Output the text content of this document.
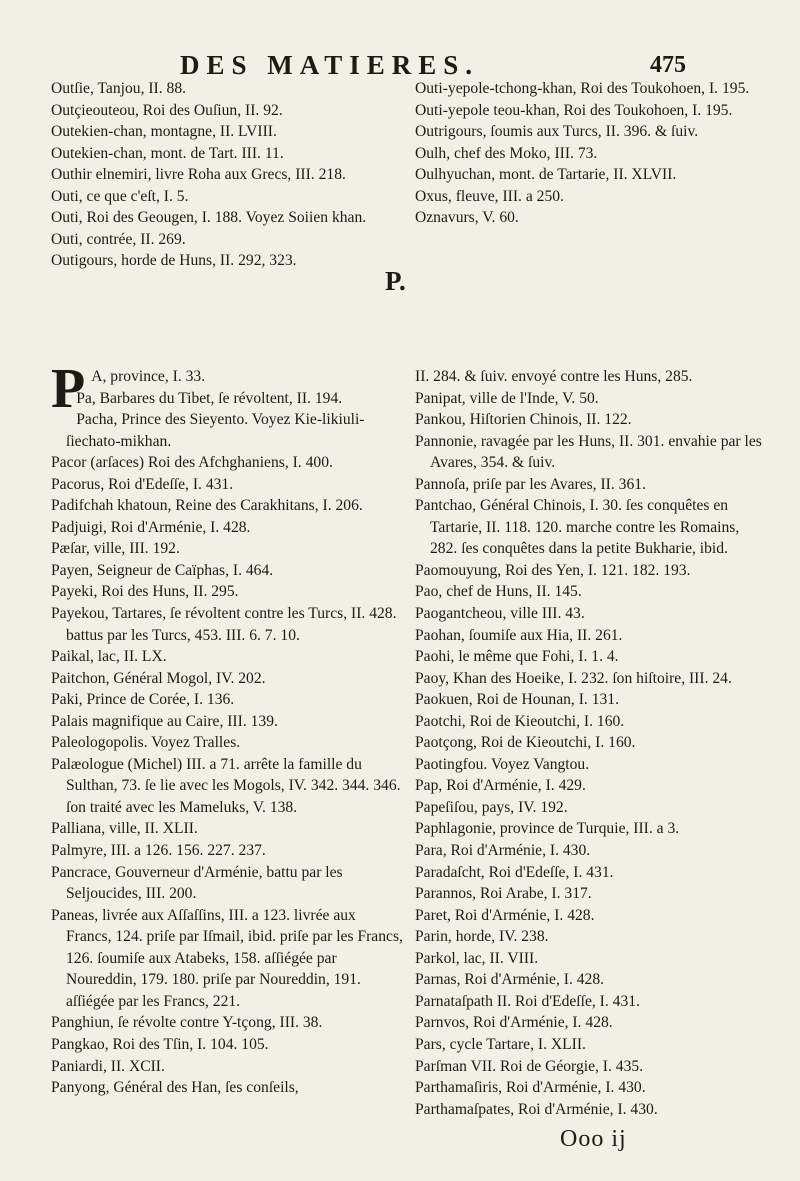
DES MATIERES.	475

Outſie, Tanjou, II. 88.

Outçieouteou, Roi des Ouſiun, II. 92.

Outekien-chan, montagne, II. LVIII.

Outekien-chan, mont. de Tart. III. 11.

Outhir elnemiri, livre Roha aux Grecs, III. 218.

Outi, ce que c'eſt, I. 5.

Outi, Roi des Geougen, I. 188. Voyez Soiien khan.

Outi, contrée, II. 269.

Outigours, horde de Huns, II. 292, 323.

Outi-yepole-tchong-khan, Roi des Toukohoen, I. 195.

Outi-yepole teou-khan, Roi des Toukohoen, I. 195.

Outrigours, ſoumis aux Turcs, II. 396. & ſuiv.

Oulh, chef des Moko, III. 73.

Oulhyuchan, mont. de Tartarie, II. XLVII.

Oxus, fleuve, III. a 250.

Oznavurs, V. 60.

P.

P A, province, I. 33.

Pa, Barbares du Tibet, ſe révoltent, II. 194.

Pacha, Prince des Sieyento. Voyez Kie-likiuli-ſiechato-mikhan.

Pacor (arſaces) Roi des Afchghaniens, I. 400.

Pacorus, Roi d'Edeſſe, I. 431.

Padifchah khatoun, Reine des Carakhitans, I. 206.

Padjuigi, Roi d'Arménie, I. 428.

Pæſar, ville, III. 192.

Payen, Seigneur de Caïphas, I. 464.

Payeki, Roi des Huns, II. 295.

Payekou, Tartares, ſe révoltent contre les Turcs, II. 428. battus par les Turcs, 453. III. 6. 7. 10.

Paikal, lac, II. LX.

Paitchon, Général Mogol, IV. 202.

Paki, Prince de Corée, I. 136.

Palais magnifique au Caire, III. 139.

Paleologopolis. Voyez Tralles.

Palæologue (Michel) III. a 71. arrête la famille du Sulthan, 73. ſe lie avec les Mogols, IV. 342. 344. 346. ſon traité avec les Mameluks, V. 138.

Palliana, ville, II. XLII.

Palmyre, III. a 126. 156. 227. 237.

Pancrace, Gouverneur d'Arménie, battu par les Seljoucides, III. 200.

Paneas, livrée aux Aſſaſſins, III. a 123. livrée aux Francs, 124. priſe par Iſmail, ibid. priſe par les Francs, 126. ſoumiſe aux Atabeks, 158. aſſiégée par Noureddin, 179. 180. priſe par Noureddin, 191. aſſiégée par les Francs, 221.

Panghiun, ſe révolte contre Y-tçong, III. 38.

Pangkao, Roi des Tſin, I. 104. 105.

Paniardi, II. XCII.

Panyong, Général des Han, ſes conſeils,

II. 284. & ſuiv. envoyé contre les Huns, 285.

Panipat, ville de l'Inde, V. 50.

Pankou, Hiſtorien Chinois, II. 122.

Pannonie, ravagée par les Huns, II. 301. envahie par les Avares, 354. & ſuiv.

Pannoſa, priſe par les Avares, II. 361.

Pantchao, Général Chinois, I. 30. ſes conquêtes en Tartarie, II. 118. 120. marche contre les Romains, 282. ſes conquêtes dans la petite Bukharie, ibid.

Paomouyung, Roi des Yen, I. 121. 182. 193.

Pao, chef de Huns, II. 145.

Paogantcheou, ville III. 43.

Paohan, ſoumiſe aux Hia, II. 261.

Paohi, le même que Fohi, I. 1. 4.

Paoy, Khan des Hoeike, I. 232. ſon hiſtoire, III. 24.

Paokuen, Roi de Hounan, I. 131.

Paotchi, Roi de Kieoutchi, I. 160.

Paotçong, Roi de Kieoutchi, I. 160.

Paotingfou. Voyez Vangtou.

Pap, Roi d'Arménie, I. 429.

Papeſiſou, pays, IV. 192.

Paphlagonie, province de Turquie, III. a 3.

Para, Roi d'Arménie, I. 430.

Paradaſcht, Roi d'Edeſſe, I. 431.

Parannos, Roi Arabe, I. 317.

Paret, Roi d'Arménie, I. 428.

Parin, horde, IV. 238.

Parkol, lac, II. VIII.

Parnas, Roi d'Arménie, I. 428.

Parnataſpath II. Roi d'Edeſſe, I. 431.

Parnvos, Roi d'Arménie, I. 428.

Pars, cycle Tartare, I. XLII.

Parſman VII. Roi de Géorgie, I. 435.

Parthamaſiris, Roi d'Arménie, I. 430.

Parthamaſpates, Roi d'Arménie, I. 430.

Ooo ij
